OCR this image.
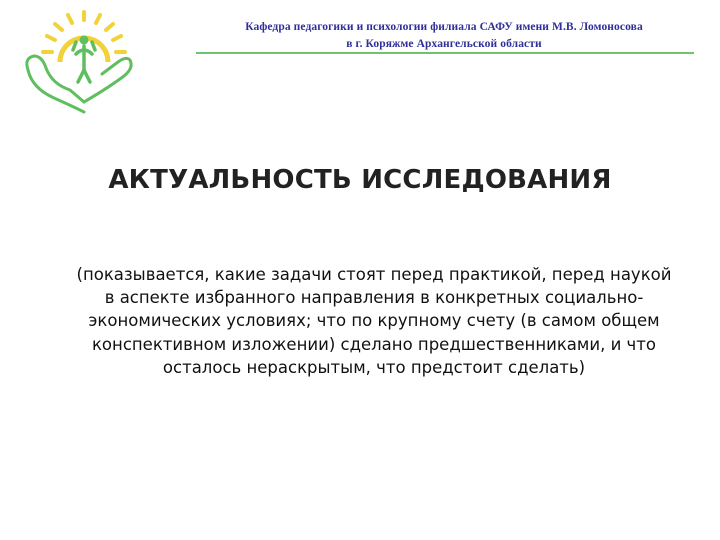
Кафедра педагогики и психологии филиала САФУ имени М.В. Ломоносова
в г. Коряжме Архангельской области
АКТУАЛЬНОСТЬ ИССЛЕДОВАНИЯ
(показывается, какие задачи стоят перед практикой, перед наукой
в аспекте избранного направления в конкретных социально-
экономических условиях; что по крупному счету (в самом общем
конспективном изложении) сделано предшественниками, и что
осталось нераскрытым, что предстоит сделать)
